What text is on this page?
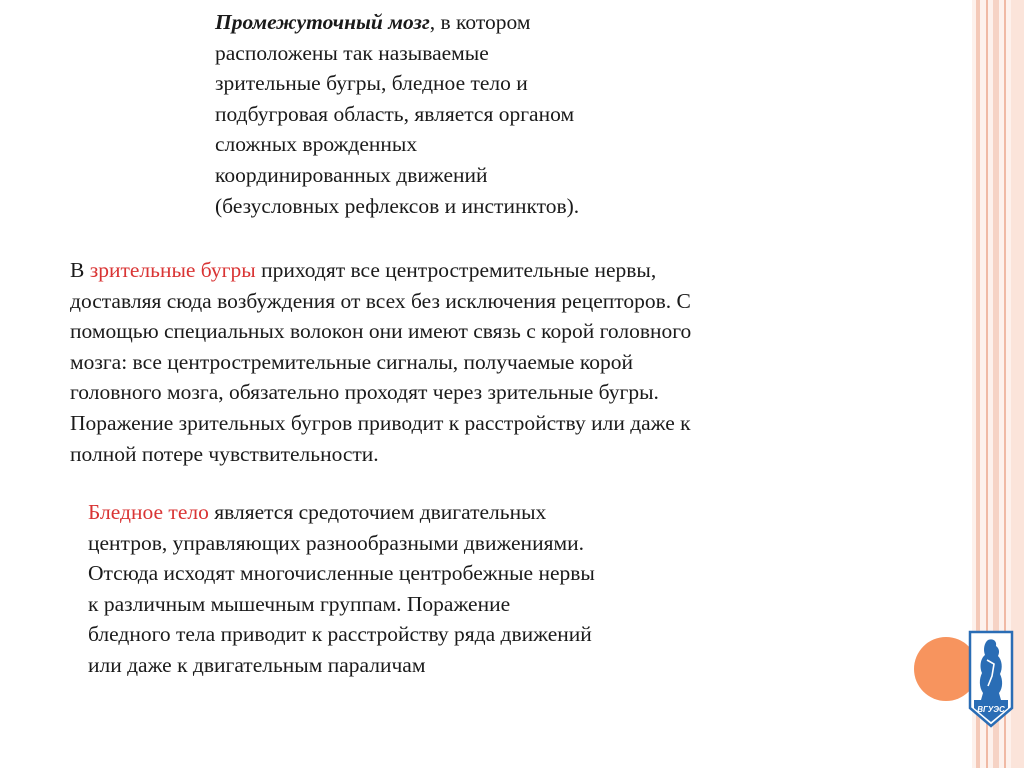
Промежуточный мозг, в котором
расположены так называемые
зрительные бугры, бледное тело и
подбугровая область, является органом
сложных врожденных
координированных движений
(безусловных рефлексов и инстинктов).
В зрительные бугры приходят все центростремительные нервы,
доставляя сюда возбуждения от всех без исключения рецепторов. С
помощью специальных волокон они имеют связь с корой головного
мозга: все центростремительные сигналы, получаемые корой
головного мозга, обязательно проходят через зрительные бугры.
Поражение зрительных бугров приводит к расстройству или даже к
полной потере чувствительности.
Бледное тело является средоточием двигательных
центров, управляющих разнообразными движениями.
Отсюда исходят многочисленные центробежные нервы
к различным мышечным группам. Поражение
бледного тела приводит к расстройству ряда движений
или даже к двигательным параличам
ВГУЭС
